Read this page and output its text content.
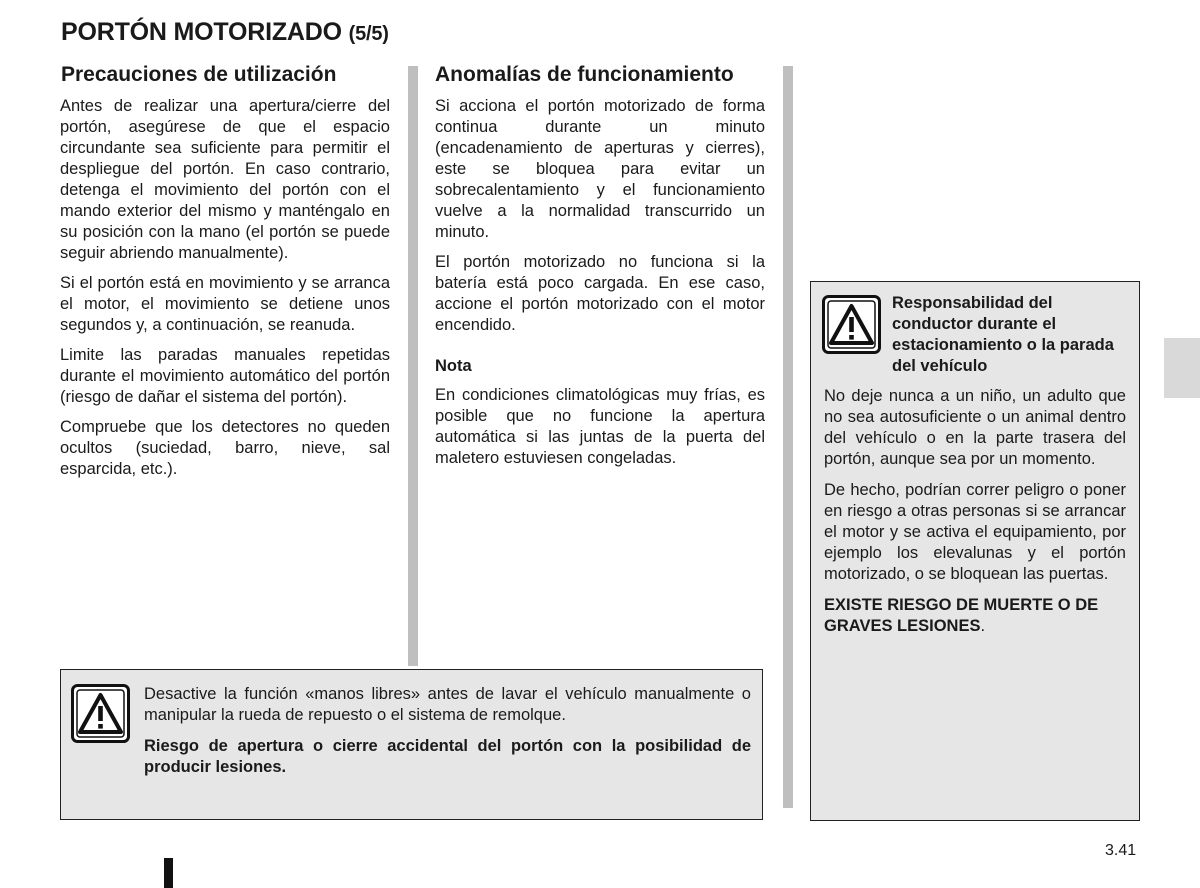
PORTÓN MOTORIZADO (5/5)
Precauciones de utilización

Antes de realizar una apertura/cierre del portón, asegúrese de que el espacio circundante sea suficiente para permitir el despliegue del portón. En caso contrario, detenga el movimiento del portón con el mando exterior del mismo y manténgalo en su posición con la mano (el portón se puede seguir abriendo manualmente).

Si el portón está en movimiento y se arranca el motor, el movimiento se detiene unos segundos y, a continuación, se reanuda.

Limite las paradas manuales repetidas durante el movimiento automático del portón (riesgo de dañar el sistema del portón).

Compruebe que los detectores no queden ocultos (suciedad, barro, nieve, sal esparcida, etc.).

Anomalías de funcionamiento

Si acciona el portón motorizado de forma continua durante un minuto (encadenamiento de aperturas y cierres), este se bloquea para evitar un sobrecalentamiento y el funcionamiento vuelve a la normalidad transcurrido un minuto.

El portón motorizado no funciona si la batería está poco cargada. En ese caso, accione el portón motorizado con el motor encendido.

Nota

En condiciones climatológicas muy frías, es posible que no funcione la apertura automática si las juntas de la puerta del maletero estuviesen congeladas.

Desactive la función «manos libres» antes de lavar el vehículo manualmente o manipular la rueda de repuesto o el sistema de remolque.

Riesgo de apertura o cierre accidental del portón con la posibilidad de producir lesiones.

Responsabilidad del conductor durante el estacionamiento o la parada del vehículo

No deje nunca a un niño, un adulto que no sea autosuficiente o un animal dentro del vehículo o en la parte trasera del portón, aunque sea por un momento.

De hecho, podrían correr peligro o poner en riesgo a otras personas si se arrancar el motor y se activa el equipamiento, por ejemplo los elevalunas y el portón motorizado, o se bloquean las puertas.

EXISTE RIESGO DE MUERTE O DE GRAVES LESIONES.

3.41
